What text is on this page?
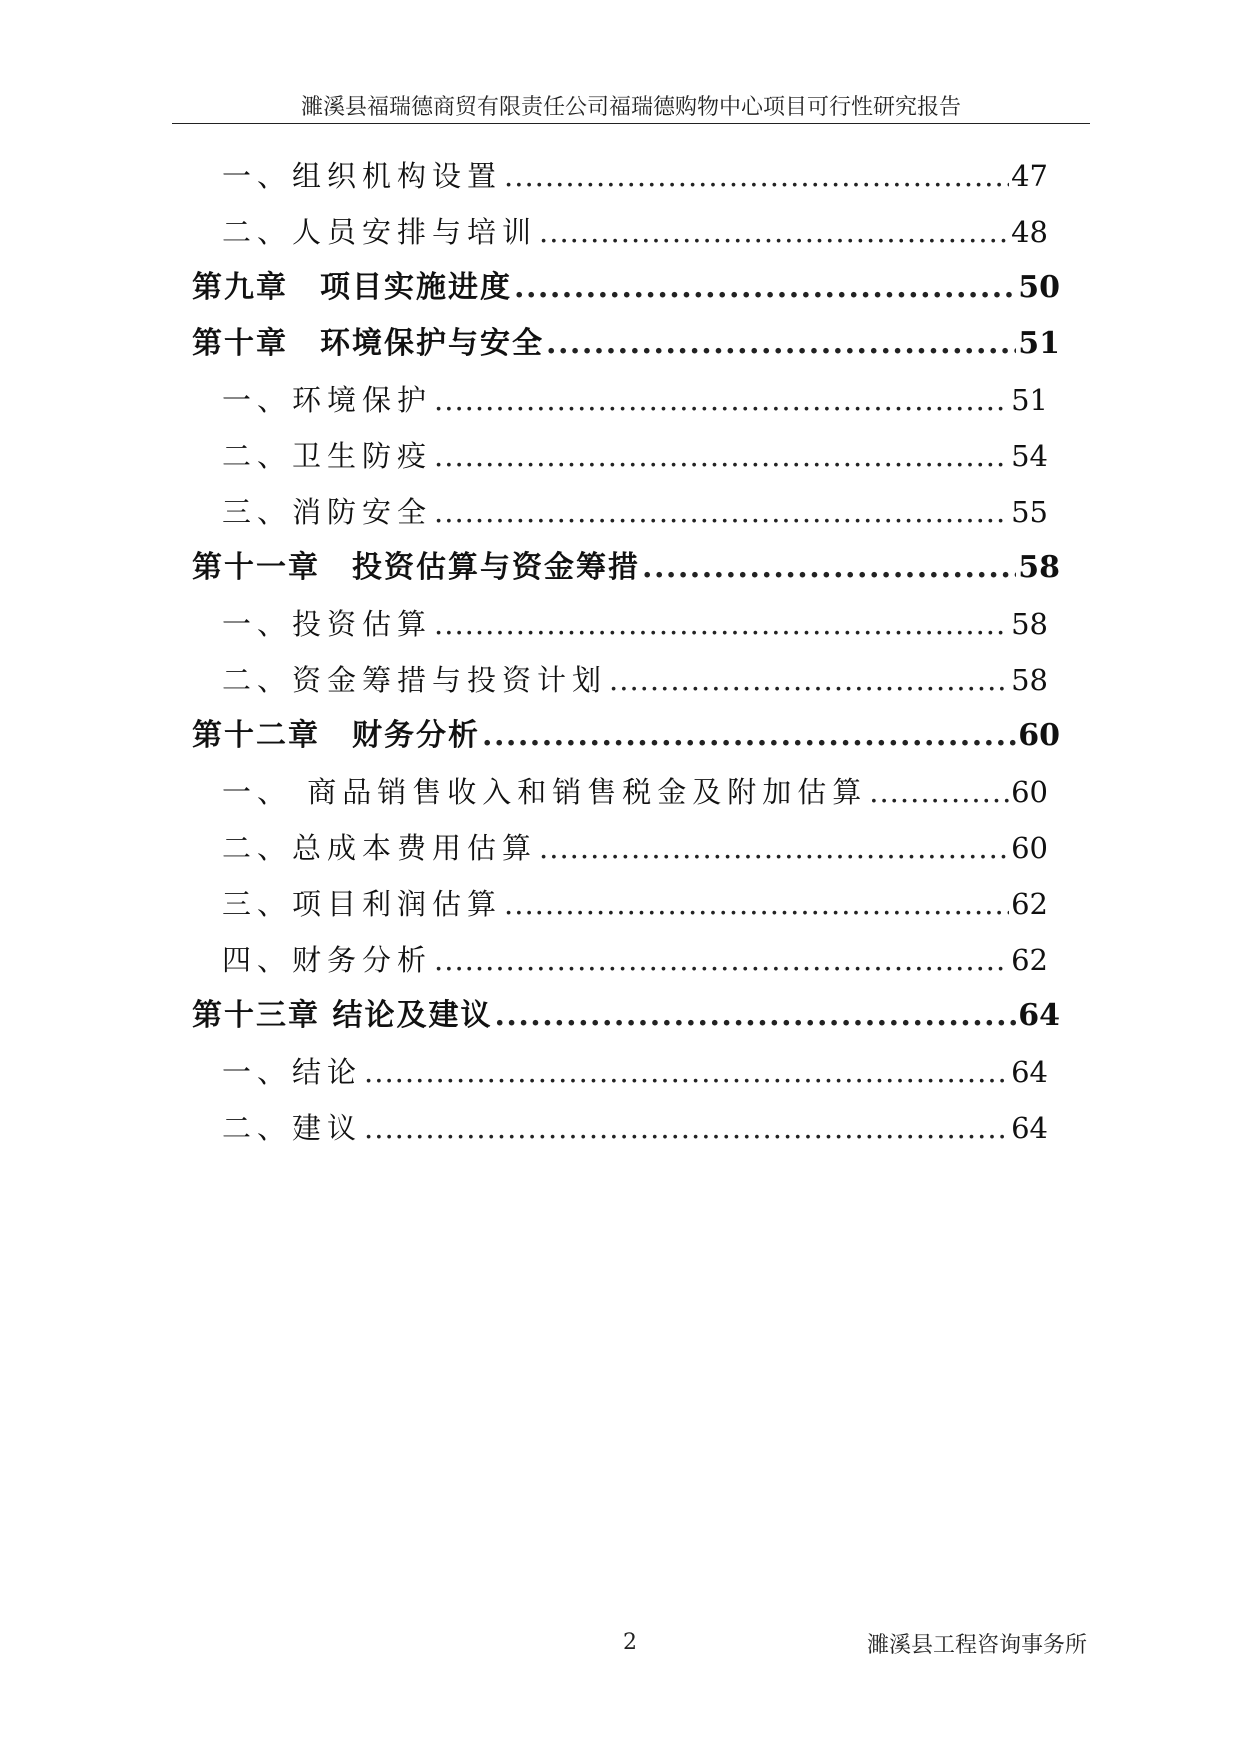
濉溪县福瑞德商贸有限责任公司福瑞德购物中心项目可行性研究报告
一、组织机构设置 .....	47
二、人员安排与培训 .....	48
第九章　项目实施进度 .....	50
第十章　环境保护与安全 .....	51
一、环境保护 .....	51
二、卫生防疫 .....	54
三、消防安全 .....	55
第十一章　投资估算与资金筹措 .....	58
一、投资估算 .....	58
二、资金筹措与投资计划 .....	58
第十二章　财务分析 .....	60
一、 商品销售收入和销售税金及附加估算 .....	60
二、总成本费用估算 .....	60
三、项目利润估算 .....	62
四、财务分析 .....	62
第十三章 结论及建议 .....	64
一、结论 .....	64
二、建议 .....	64
2	濉溪县工程咨询事务所
